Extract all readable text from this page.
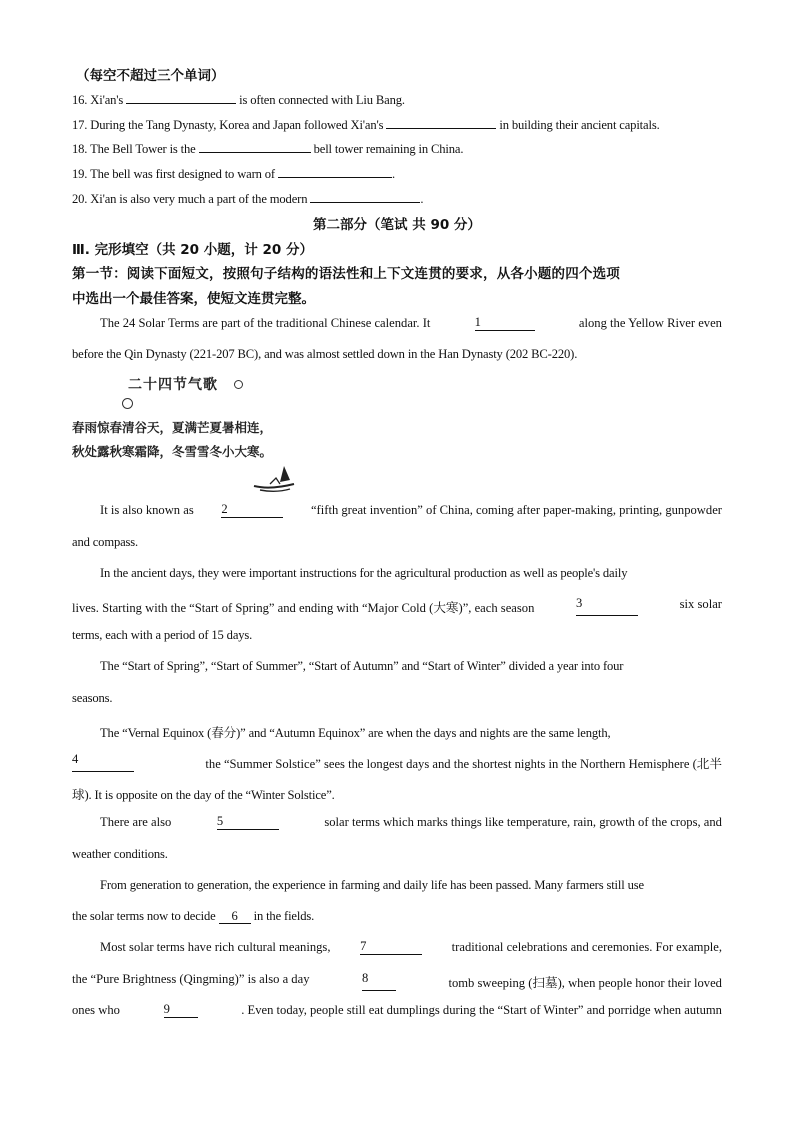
（每空不超过三个单词）
16. Xi'an's	is often connected with Liu Bang.
17. During the Tang Dynasty, Korea and Japan followed Xi'an's	in building their ancient capitals.
18. The Bell Tower is the	bell tower remaining in China.
19. The bell was first designed to warn of	.
20. Xi'an is also very much a part of the modern	.
第二部分（笔试 共 90 分）
Ⅲ. 完形填空（共 20 小题，计 20 分）
第一节：阅读下面短文，按照句子结构的语法性和上下文连贯的要求，从各小题的四个选项
中选出一个最佳答案，使短文连贯完整。
The 24 Solar Terms are part of the traditional Chinese calendar. It	1	along the Yellow River even
before the Qin Dynasty (221-207 BC), and was almost settled down in the Han Dynasty (202 BC-220).
二十四节气歌
春雨惊春清谷天，夏满芒夏暑相连，
秋处露秋寒霜降，冬雪雪冬小大寒。
It is also known as 2	“fifth great invention” of China, coming after paper-making, printing, gunpowder
and compass.
In the ancient days, they were important instructions for the agricultural production as well as people's daily
lives. Starting with the “Start of Spring” and ending with “Major Cold (大寒)”, each season	3	six solar
terms, each with a period of 15 days.
The “Start of Spring”, “Start of Summer”, “Start of Autumn” and “Start of Winter” divided a year into four
seasons.
The “Vernal Equinox (春分)” and “Autumn Equinox” are when the days and nights are the same length,
4	the “Summer Solstice” sees the longest days and the shortest nights in the Northern Hemisphere (北半
球). It is opposite on the day of the “Winter Solstice”.
There are also	5	solar terms which marks things like temperature, rain, growth of the crops, and
weather conditions.
From generation to generation, the experience in farming and daily life has been passed. Many farmers still use
the solar terms now to decide 6 in the fields.
Most solar terms have rich cultural meanings, 7	traditional celebrations and ceremonies. For example,
the “Pure Brightness (Qingming)” is also a day	8	tomb sweeping (扫墓), when people honor their loved
ones who	9	. Even today, people still eat dumplings during the “Start of Winter” and porridge when autumn
